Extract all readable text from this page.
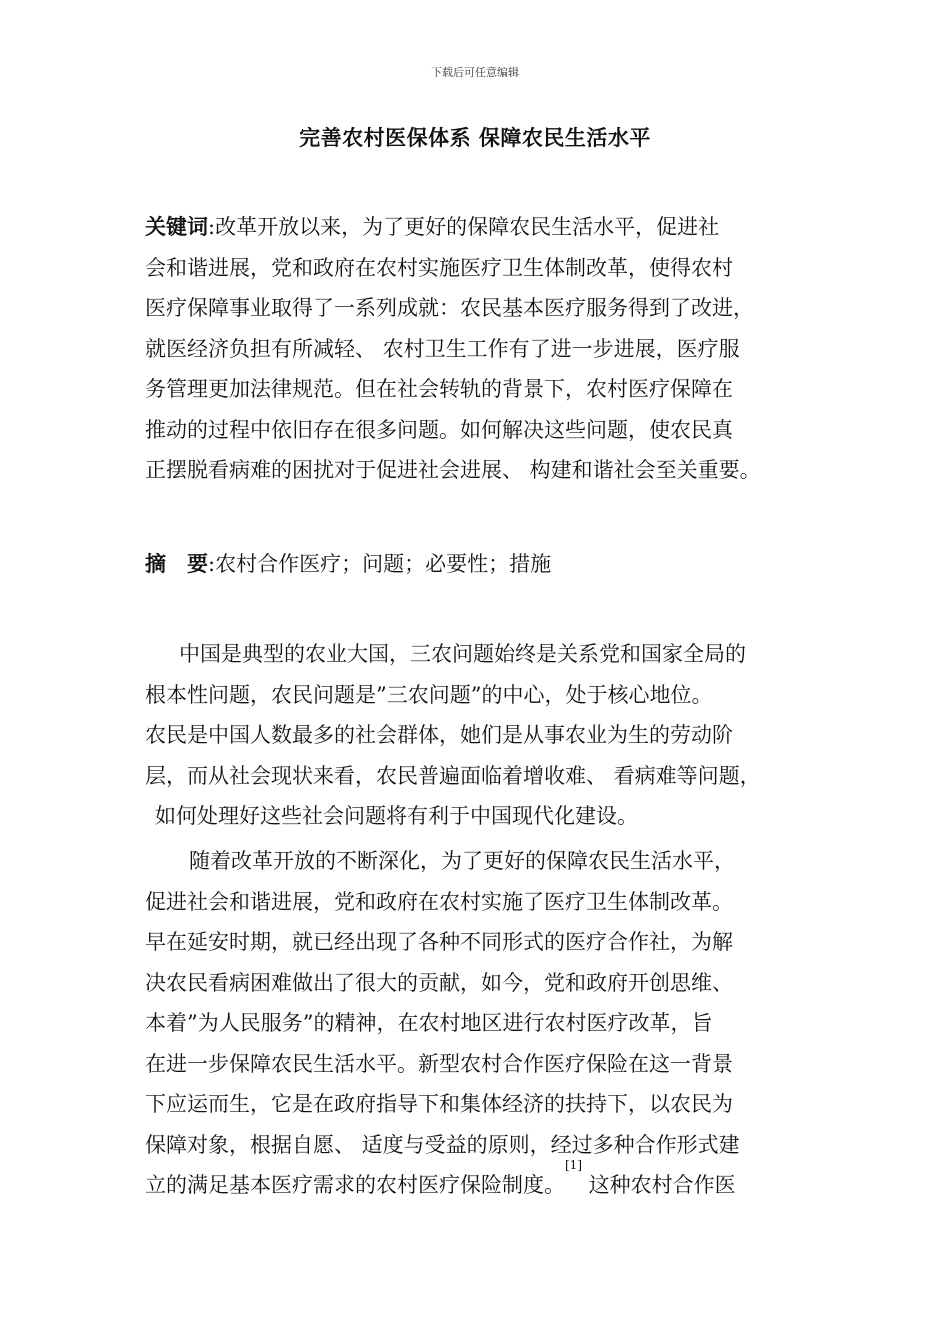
下载后可任意编辑
完善农村医保体系 保障农民生活水平

关键词:改革开放以来，为了更好的保障农民生活水平，促进社

会和谐进展，党和政府在农村实施医疗卫生体制改革，使得农村

医疗保障事业取得了一系列成就：农民基本医疗服务得到了改进，

就医经济负担有所减轻、 农村卫生工作有了进一步进展，医疗服

务管理更加法律规范。但在社会转轨的背景下，农村医疗保障在

推动的过程中依旧存在很多问题。如何解决这些问题，使农民真

正摆脱看病难的困扰对于促进社会进展、 构建和谐社会至关重要。

摘　要:农村合作医疗；问题；必要性；措施

中国是典型的农业大国，三农问题始终是关系党和国家全局的

根本性问题，农民问题是”三农问题”的中心，处于核心地位。

农民是中国人数最多的社会群体，她们是从事农业为生的劳动阶

层，而从社会现状来看，农民普遍面临着增收难、 看病难等问题，

如何处理好这些社会问题将有利于中国现代化建设。

随着改革开放的不断深化，为了更好的保障农民生活水平，

促进社会和谐进展，党和政府在农村实施了医疗卫生体制改革。

早在延安时期，就已经出现了各种不同形式的医疗合作社，为解

决农民看病困难做出了很大的贡献，如今，党和政府开创思维、

本着”为人民服务”的精神，在农村地区进行农村医疗改革，旨

在进一步保障农民生活水平。新型农村合作医疗保险在这一背景

下应运而生，它是在政府指导下和集体经济的扶持下，以农民为

保障对象，根据自愿、 适度与受益的原则，经过多种合作形式建

立的满足基本医疗需求的农村医疗保险制度。[1] 这种农村合作医
